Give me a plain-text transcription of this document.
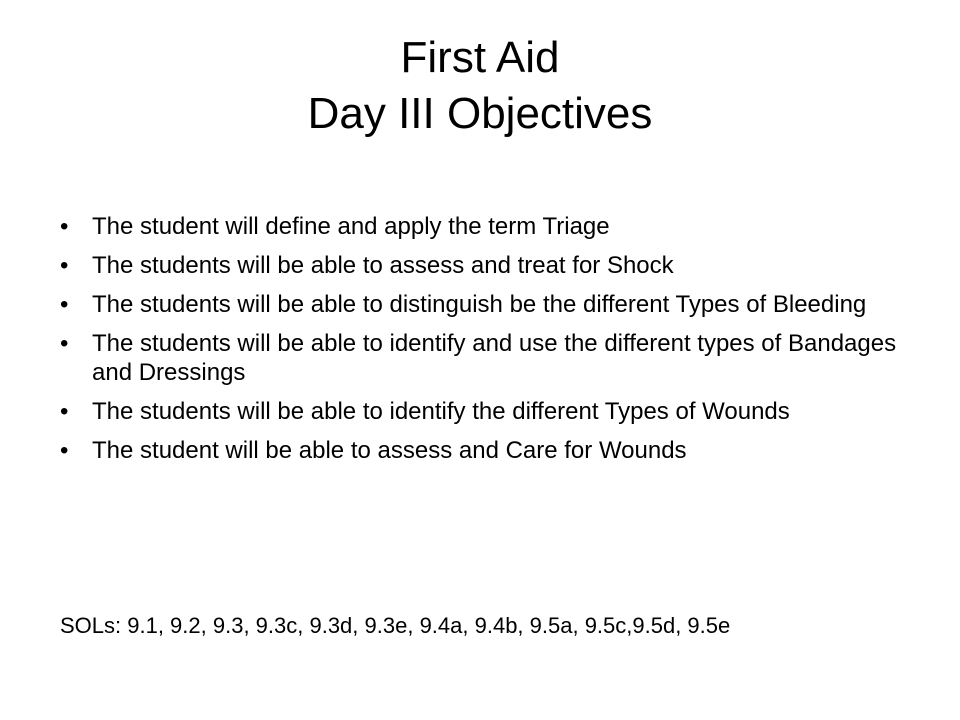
First Aid
Day III Objectives
• The student will define and apply the term Triage
• The students will be able to assess and treat for Shock
• The students will be able to distinguish be the different Types of Bleeding
• The students will be able to identify and use the different types of Bandages and Dressings
• The students will be able to identify the different Types of Wounds
• The student will be able to assess and Care for Wounds
SOLs: 9.1, 9.2, 9.3, 9.3c, 9.3d, 9.3e, 9.4a, 9.4b, 9.5a, 9.5c,9.5d, 9.5e
